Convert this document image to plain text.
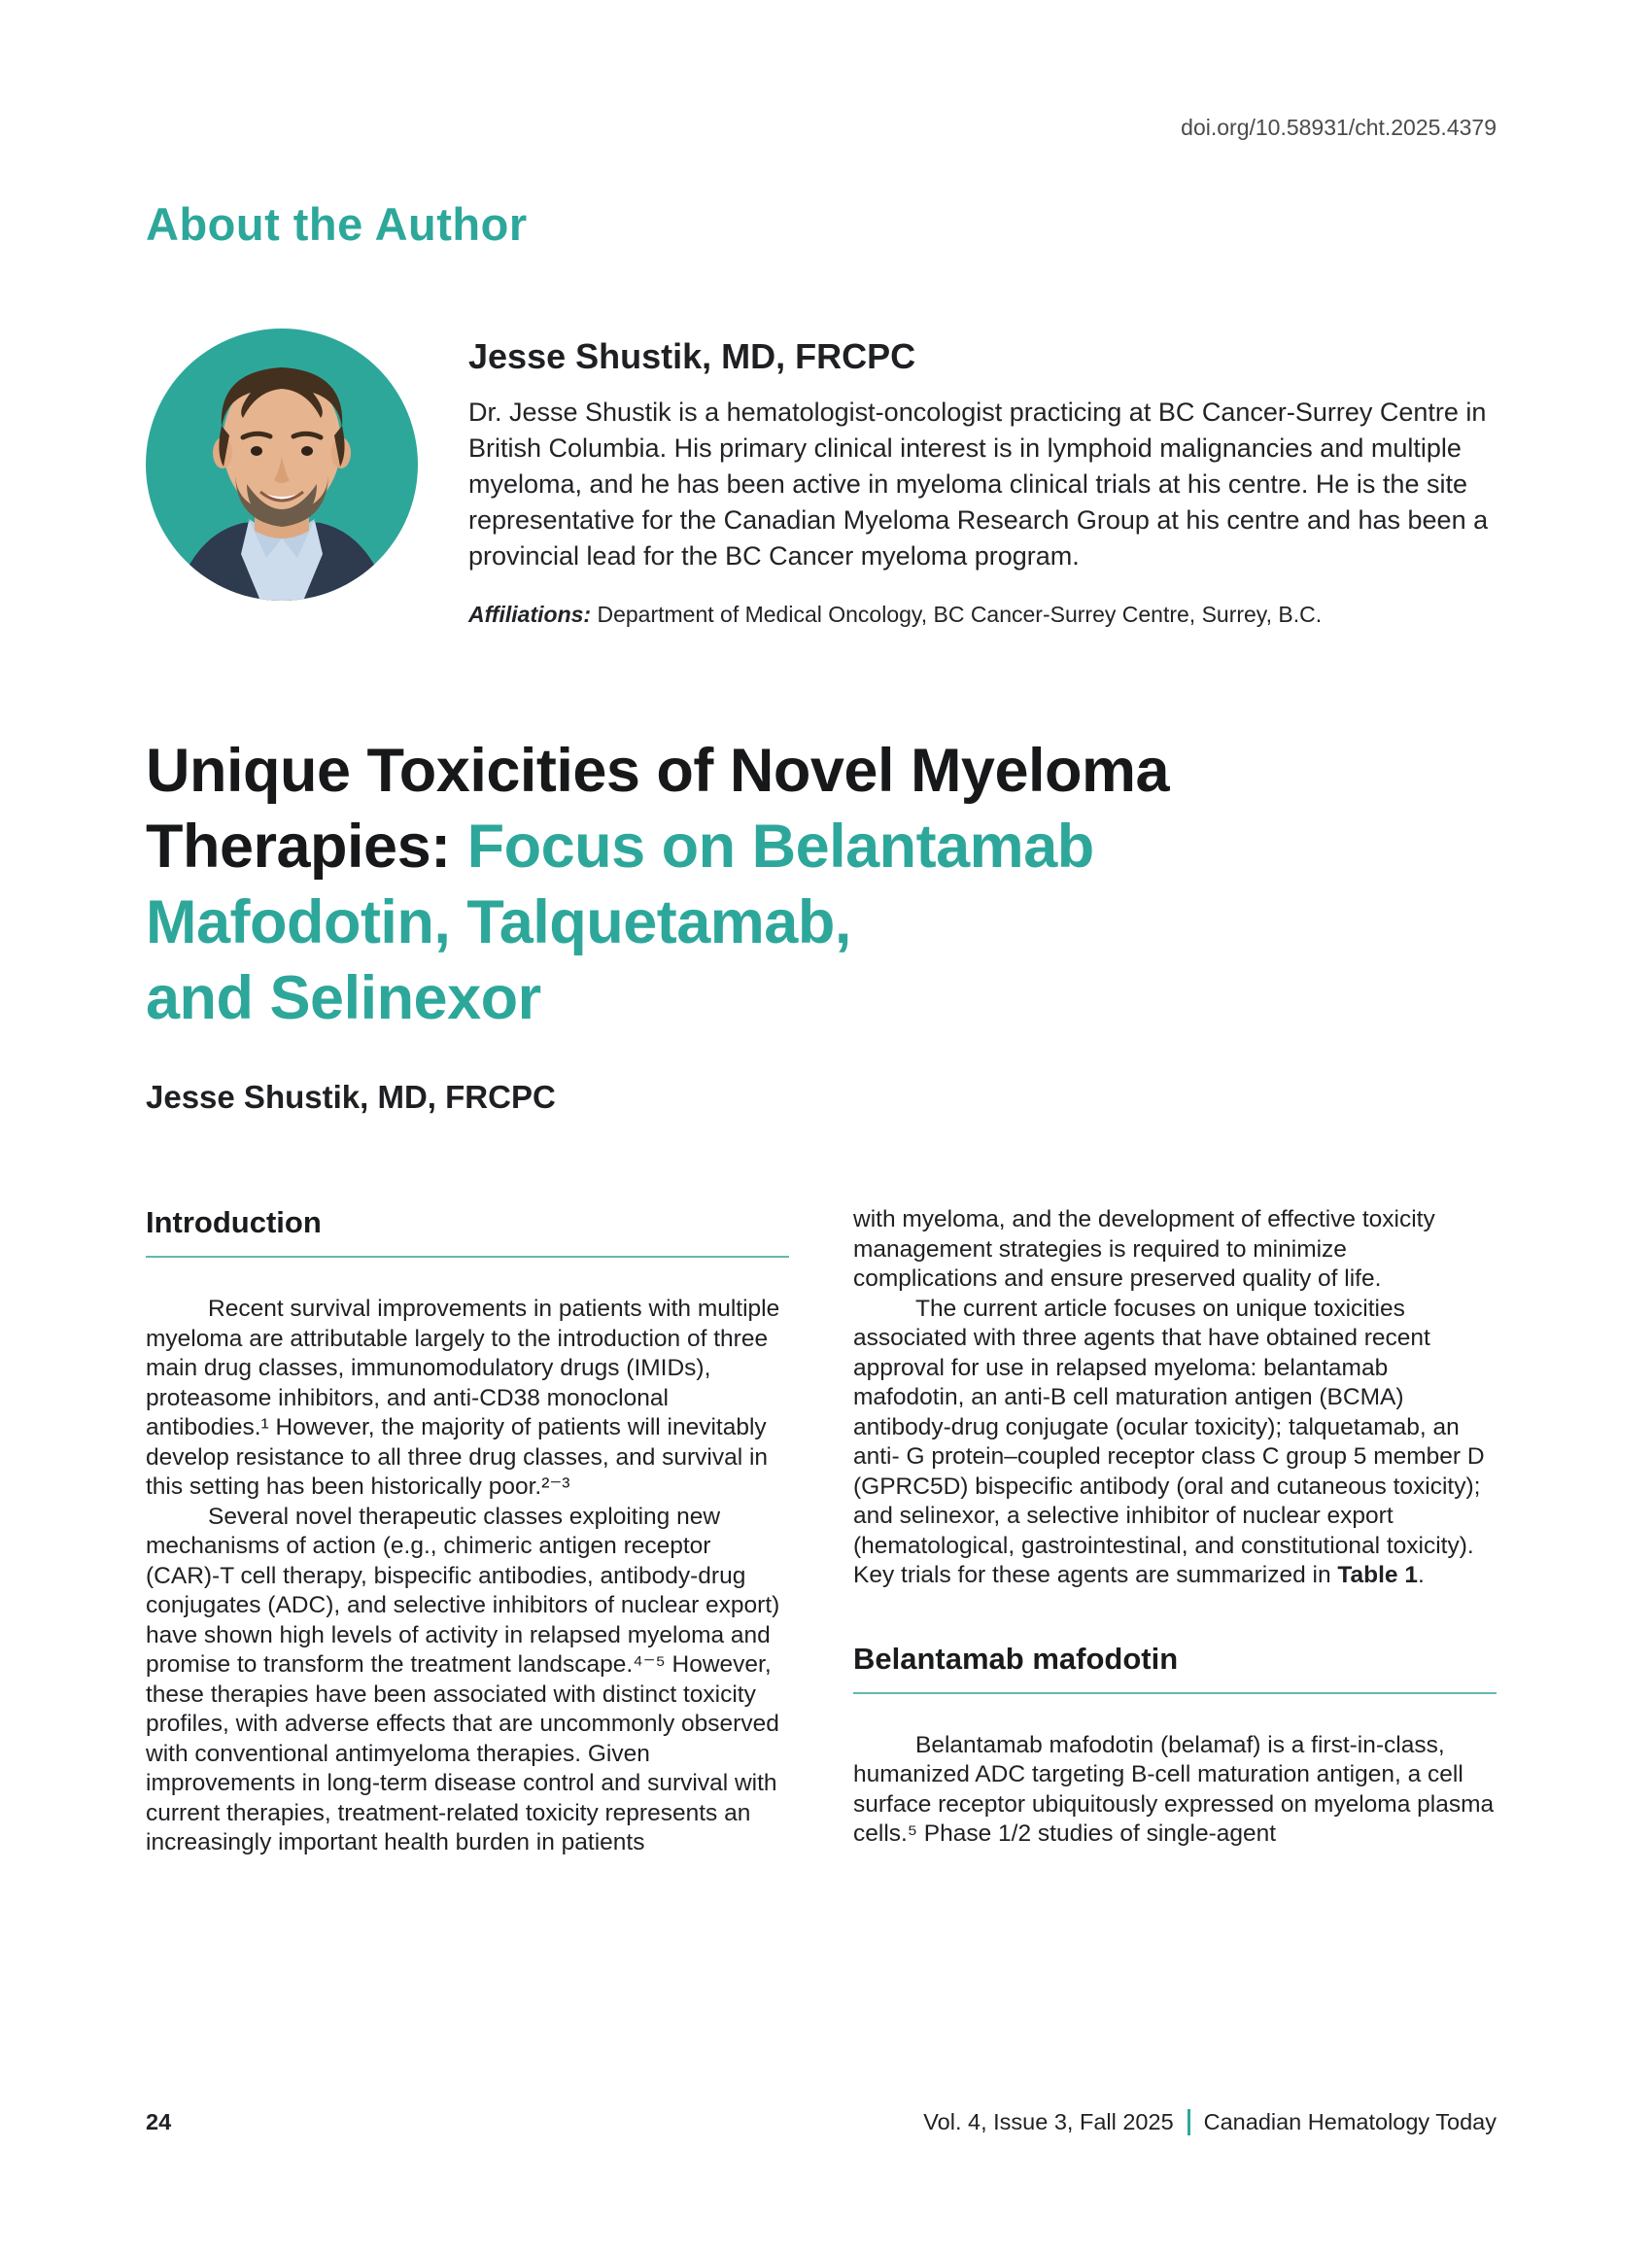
doi.org/10.58931/cht.2025.4379
About the Author
Jesse Shustik, MD, FRCPC
Dr. Jesse Shustik is a hematologist-oncologist practicing at BC Cancer-Surrey Centre in British Columbia. His primary clinical interest is in lymphoid malignancies and multiple myeloma, and he has been active in myeloma clinical trials at his centre. He is the site representative for the Canadian Myeloma Research Group at his centre and has been a provincial lead for the BC Cancer myeloma program.
Affiliations: Department of Medical Oncology, BC Cancer-Surrey Centre, Surrey, B.C.
Unique Toxicities of Novel Myeloma
Therapies: Focus on Belantamab
Mafodotin, Talquetamab,
and Selinexor
Jesse Shustik, MD, FRCPC
Introduction

Recent survival improvements in patients with multiple myeloma are attributable largely to the introduction of three main drug classes, immunomodulatory drugs (IMIDs), proteasome inhibitors, and anti-CD38 monoclonal antibodies.¹ However, the majority of patients will inevitably develop resistance to all three drug classes, and survival in this setting has been historically poor.²⁻³

Several novel therapeutic classes exploiting new mechanisms of action (e.g., chimeric antigen receptor (CAR)-T cell therapy, bispecific antibodies, antibody-drug conjugates (ADC), and selective inhibitors of nuclear export) have shown high levels of activity in relapsed myeloma and promise to transform the treatment landscape.⁴⁻⁵ However, these therapies have been associated with distinct toxicity profiles, with adverse effects that are uncommonly observed with conventional antimyeloma therapies. Given improvements in long-term disease control and survival with current therapies, treatment-related toxicity represents an increasingly important health burden in patients

with myeloma, and the development of effective toxicity management strategies is required to minimize complications and ensure preserved quality of life.

The current article focuses on unique toxicities associated with three agents that have obtained recent approval for use in relapsed myeloma: belantamab mafodotin, an anti-B cell maturation antigen (BCMA) antibody-drug conjugate (ocular toxicity); talquetamab, an anti- G protein–coupled receptor class C group 5 member D (GPRC5D) bispecific antibody (oral and cutaneous toxicity); and selinexor, a selective inhibitor of nuclear export (hematological, gastrointestinal, and constitutional toxicity). Key trials for these agents are summarized in Table 1.

Belantamab mafodotin

Belantamab mafodotin (belamaf) is a first-in-class, humanized ADC targeting B-cell maturation antigen, a cell surface receptor ubiquitously expressed on myeloma plasma cells.⁵ Phase 1/2 studies of single-agent

24	Vol. 4, Issue 3, Fall 2025 Canadian Hematology Today
